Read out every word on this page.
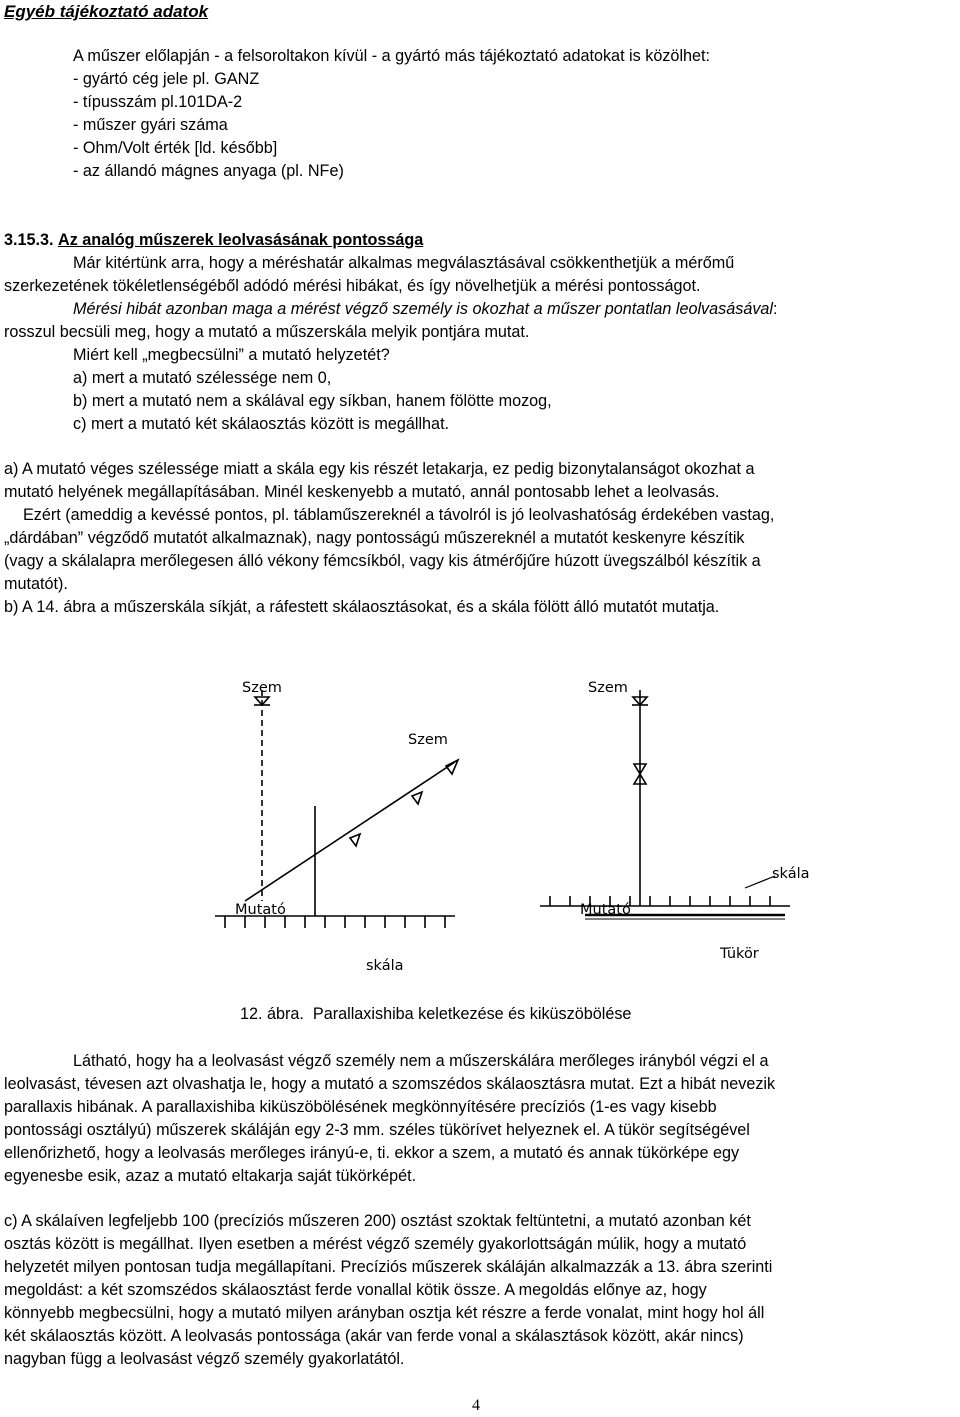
Egyéb tájékoztató adatok
A műszer előlapján - a felsoroltakon kívül - a gyártó más tájékoztató adatokat is közölhet:
- gyártó cég jele pl. GANZ
- típusszám pl.101DA-2
- műszer gyári száma
- Ohm/Volt érték [ld. később]
- az állandó mágnes anyaga (pl. NFe)
3.15.3. Az analóg műszerek leolvasásának pontossága
Már kitértünk arra, hogy a méréshatár alkalmas megválasztásával csökkenthetjük a mérőmű
szerkezetének tökéletlenségéből adódó mérési hibákat, és így növelhetjük a mérési pontosságot.
Mérési hibát azonban maga a mérést végző személy is okozhat a műszer pontatlan leolvasásával:
rosszul becsüli meg, hogy a mutató a műszerskála melyik pontjára mutat.
Miért kell „megbecsülni” a mutató helyzetét?
a) mert a mutató szélessége nem 0,
b) mert a mutató nem a skálával egy síkban, hanem fölötte mozog,
c) mert a mutató két skálaosztás között is megállhat.
a) A mutató véges szélessége miatt a skála egy kis részét letakarja, ez pedig bizonytalanságot okozhat a
mutató helyének megállapításában. Minél keskenyebb a mutató, annál pontosabb lehet a leolvasás.
Ezért (ameddig a kevéssé pontos, pl. táblaműszereknél a távolról is jó leolvashatóság érdekében vastag,
„dárdában” végződő mutatót alkalmaznak), nagy pontosságú műszereknél a mutatót keskenyre készítik
(vagy a skálalapra merőlegesen álló vékony fémcsíkból, vagy kis átmérőjűre húzott üvegszálból készítik a
mutatót).
b) A 14. ábra a műszerskála síkját, a ráfestett skálaosztásokat, és a skála fölött álló mutatót mutatja.
Szem
Szem
Szem
Mutató
skála
Mutató
skála
Tükör
12. ábra. Parallaxishiba keletkezése és kiküszöbölése
Látható, hogy ha a leolvasást végző személy nem a műszerskálára merőleges irányból végzi el a
leolvasást, tévesen azt olvashatja le, hogy a mutató a szomszédos skálaosztásra mutat. Ezt a hibát nevezik
parallaxis hibának. A parallaxishiba kiküszöbölésének megkönnyítésére precíziós (1-es vagy kisebb
pontossági osztályú) műszerek skáláján egy 2-3 mm. széles tükörívet helyeznek el. A tükör segítségével
ellenőrizhető, hogy a leolvasás merőleges irányú-e, ti. ekkor a szem, a mutató és annak tükörképe egy
egyenesbe esik, azaz a mutató eltakarja saját tükörképét.
c) A skálaíven legfeljebb 100 (precíziós műszeren 200) osztást szoktak feltüntetni, a mutató azonban két
osztás között is megállhat. Ilyen esetben a mérést végző személy gyakorlottságán múlik, hogy a mutató
helyzetét milyen pontosan tudja megállapítani. Precíziós műszerek skáláján alkalmazzák a 13. ábra szerinti
megoldást: a két szomszédos skálaosztást ferde vonallal kötik össze. A megoldás előnye az, hogy
könnyebb megbecsülni, hogy a mutató milyen arányban osztja két részre a ferde vonalat, mint hogy hol áll
két skálaosztás között. A leolvasás pontossága (akár van ferde vonal a skálasztások között, akár nincs)
nagyban függ a leolvasást végző személy gyakorlatától.
4
